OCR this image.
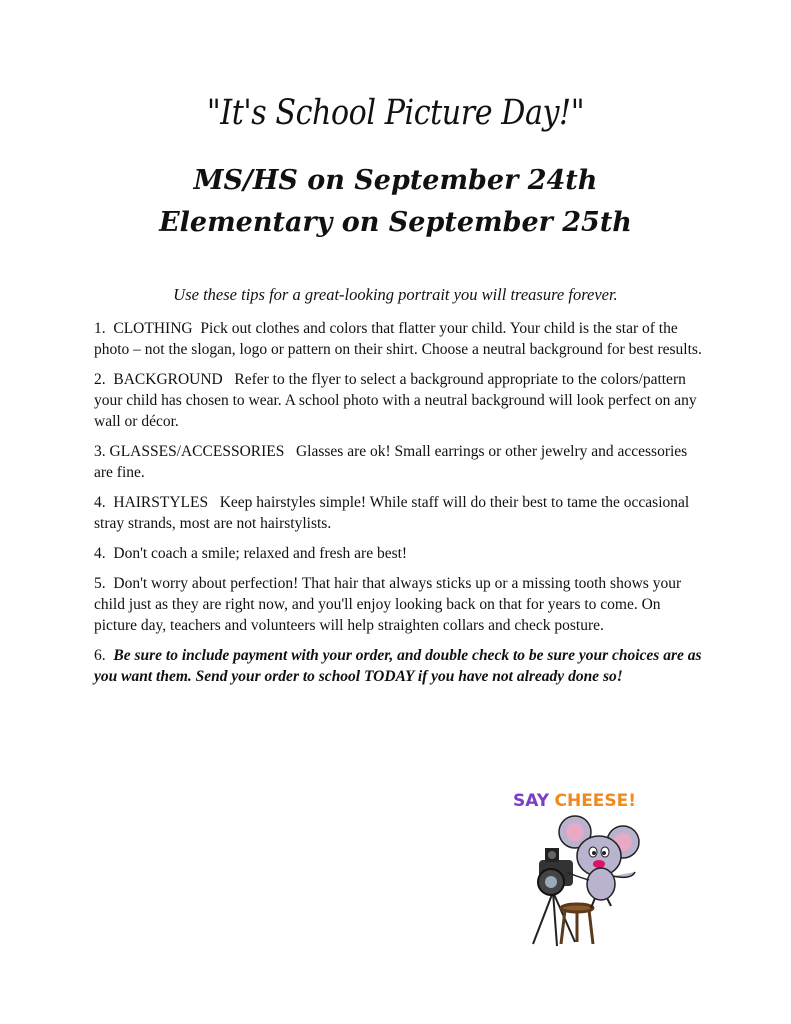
"It's School Picture Day!"
MS/HS on September 24th
Elementary on September 25th
Use these tips for a great-looking portrait you will treasure forever.

1. CLOTHING Pick out clothes and colors that flatter your child. Your child is the star of the photo – not the slogan, logo or pattern on their shirt. Choose a neutral background for best results.

2. BACKGROUND Refer to the flyer to select a background appropriate to the colors/pattern your child has chosen to wear. A school photo with a neutral background will look perfect on any wall or décor.

3. GLASSES/ACCESSORIES Glasses are ok! Small earrings or other jewelry and accessories are fine.

4. HAIRSTYLES Keep hairstyles simple! While staff will do their best to tame the occasional stray strands, most are not hairstylists.

4. Don't coach a smile; relaxed and fresh are best!

5. Don't worry about perfection! That hair that always sticks up or a missing tooth shows your child just as they are right now, and you'll enjoy looking back on that for years to come. On picture day, teachers and volunteers will help straighten collars and check posture.

6. Be sure to include payment with your order, and double check to be sure your choices are as you want them. Send your order to school TODAY if you have not already done so!

SAY CHEESE!
